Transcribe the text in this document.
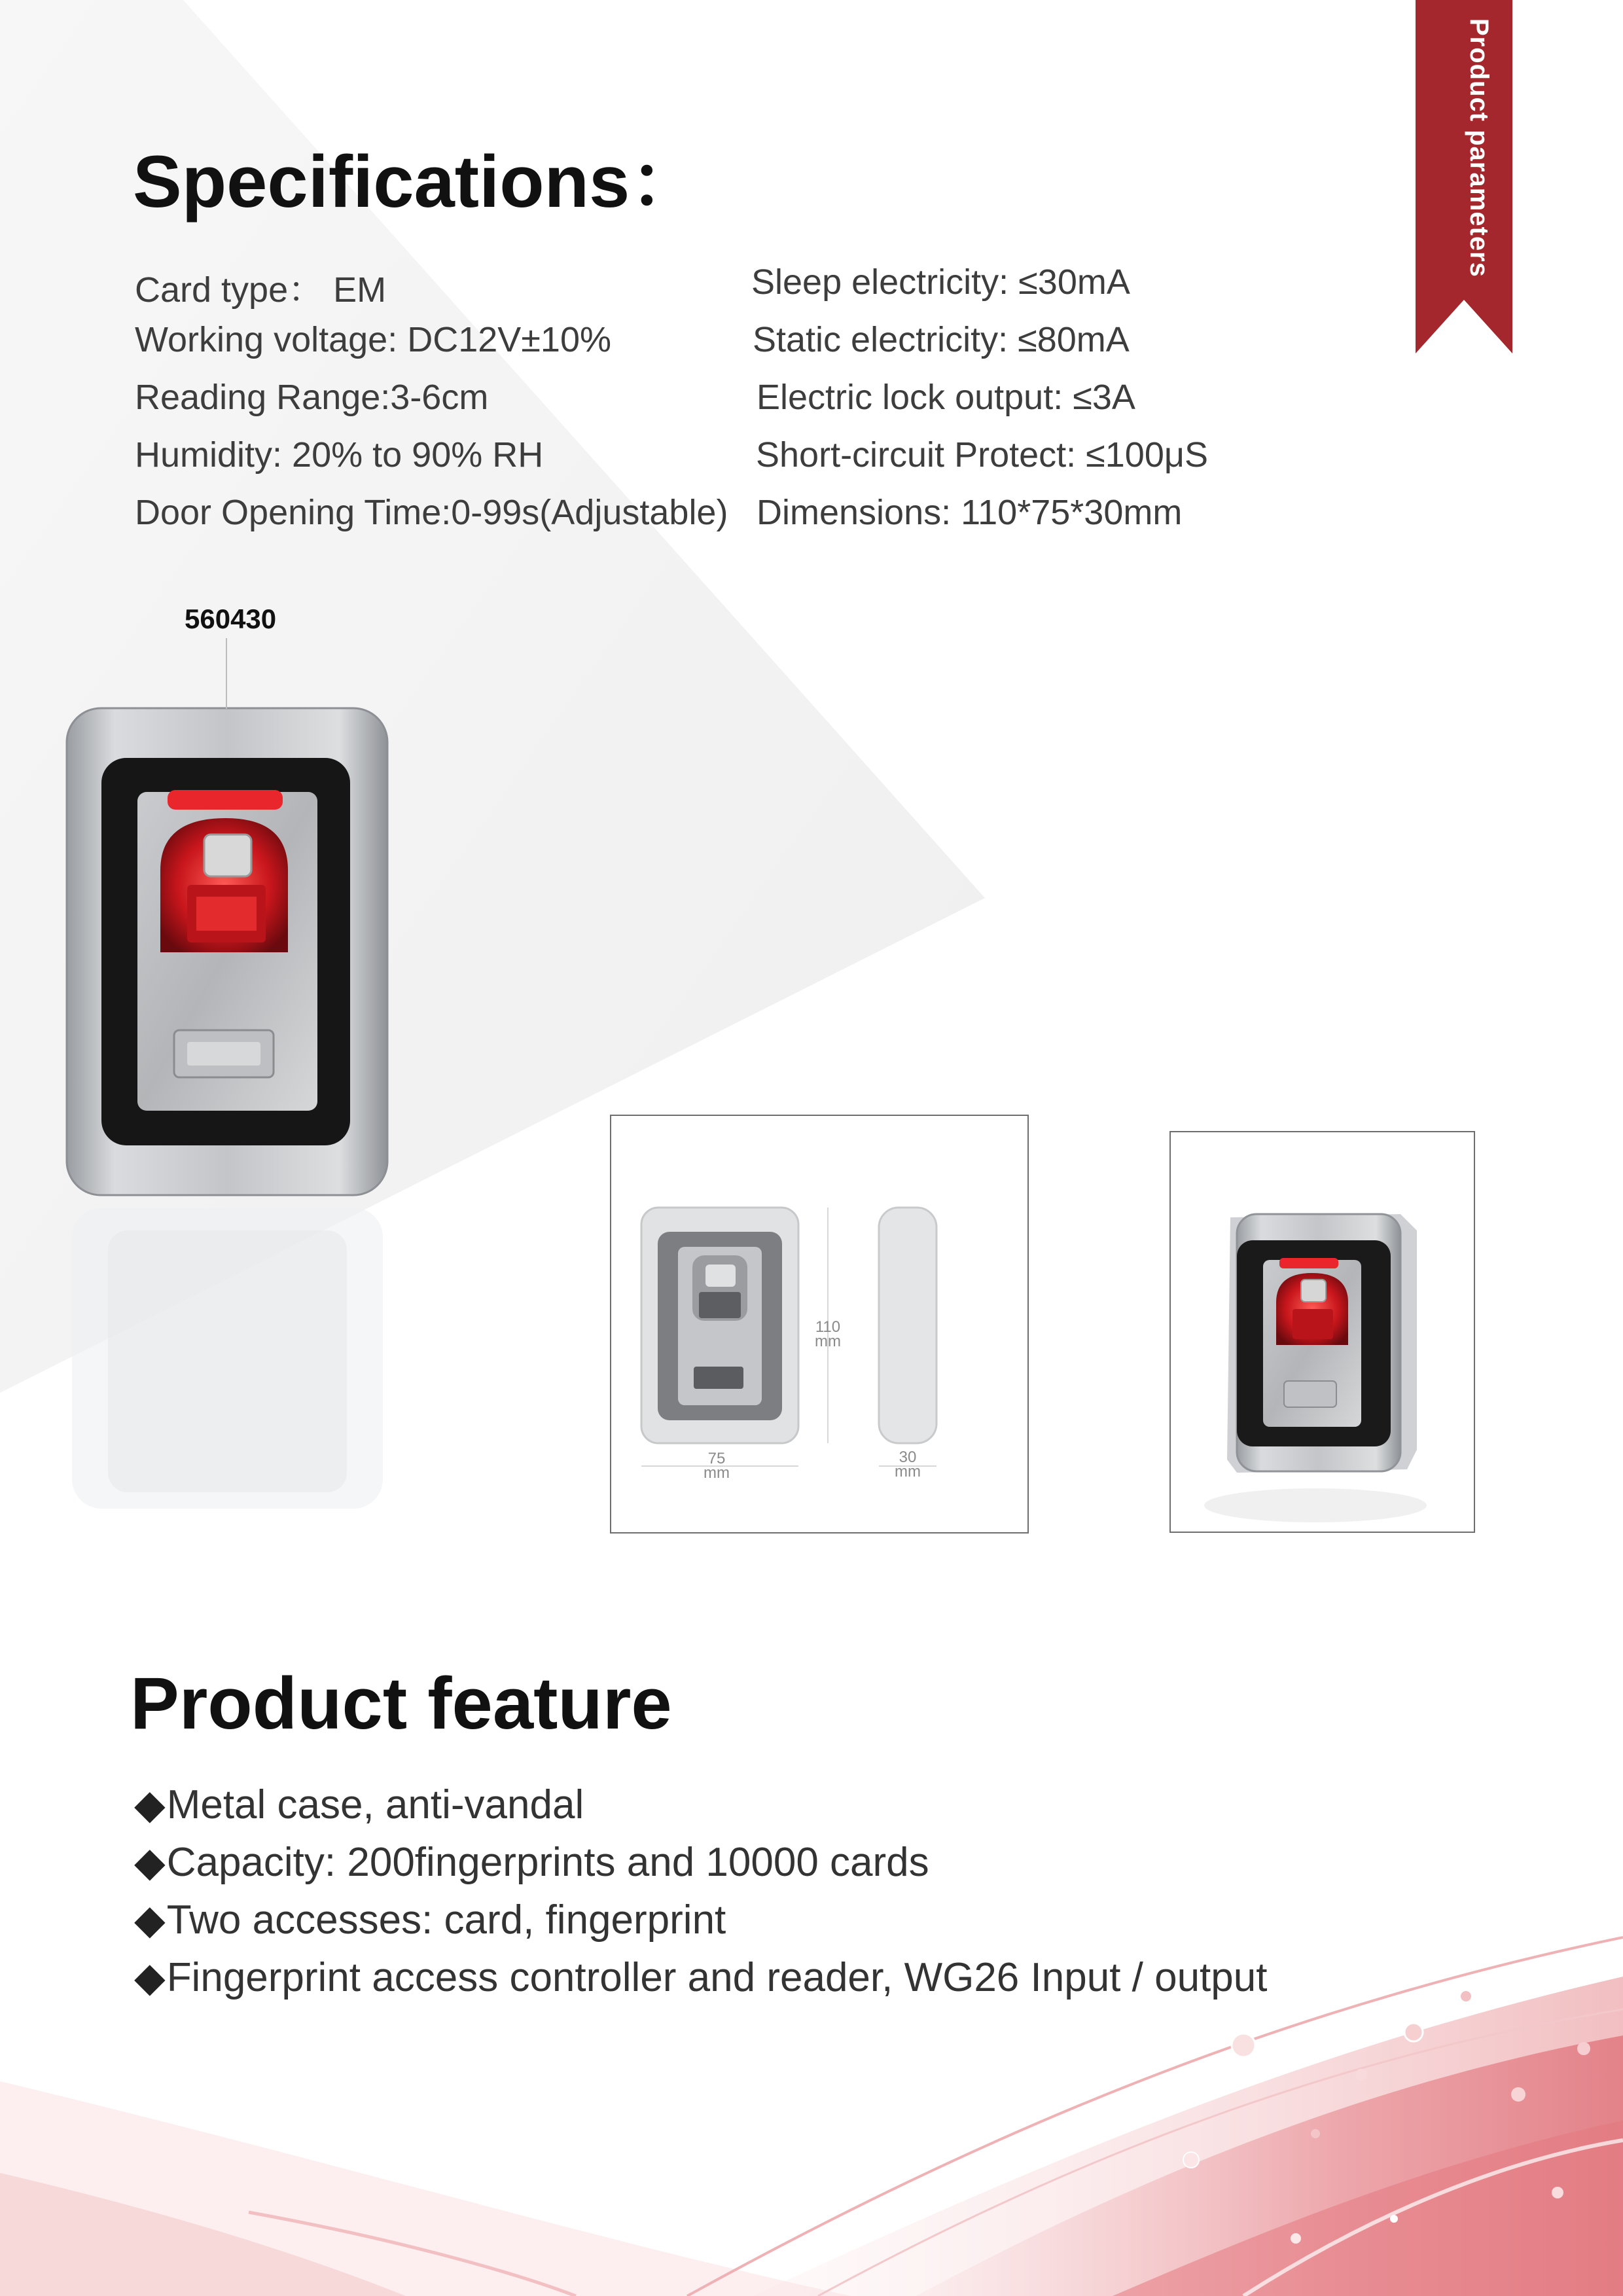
Product parameters
Specifications：
Card type： EM
Working voltage: DC12V±10%
Reading Range:3-6cm
Humidity: 20% to 90% RH
Door Opening Time:0-99s(Adjustable)
Sleep electricity: ≤30mA
Static electricity: ≤80mA
Electric lock output: ≤3A
Short-circuit Protect: ≤100μS
Dimensions: 110*75*30mm
560430
110
mm
75
mm
30
mm
Product feature
◆Metal case, anti-vandal
◆Capacity: 200fingerprints and 10000 cards
◆Two accesses: card, fingerprint
◆Fingerprint access controller and reader, WG26 Input / output
